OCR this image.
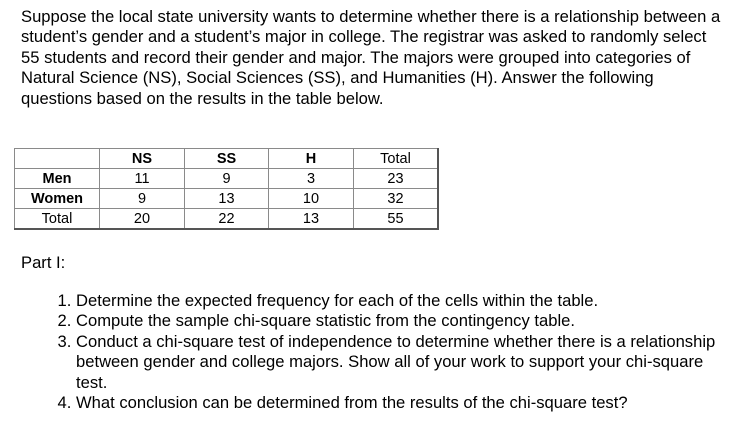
Suppose the local state university wants to determine whether there is a relationship between a student’s gender and a student’s major in college. The registrar was asked to randomly select 55 students and record their gender and major. The majors were grouped into categories of Natural Science (NS), Social Sciences (SS), and Humanities (H). Answer the following questions based on the results in the table below.

	NS	SS	H	Total
Men	11	9	3	23
Women	9	13	10	32
Total	20	22	13	55

Part I:

1. Determine the expected frequency for each of the cells within the table.
2. Compute the sample chi-square statistic from the contingency table.
3. Conduct a chi-square test of independence to determine whether there is a relationship between gender and college majors. Show all of your work to support your chi-square test.
4. What conclusion can be determined from the results of the chi-square test?
